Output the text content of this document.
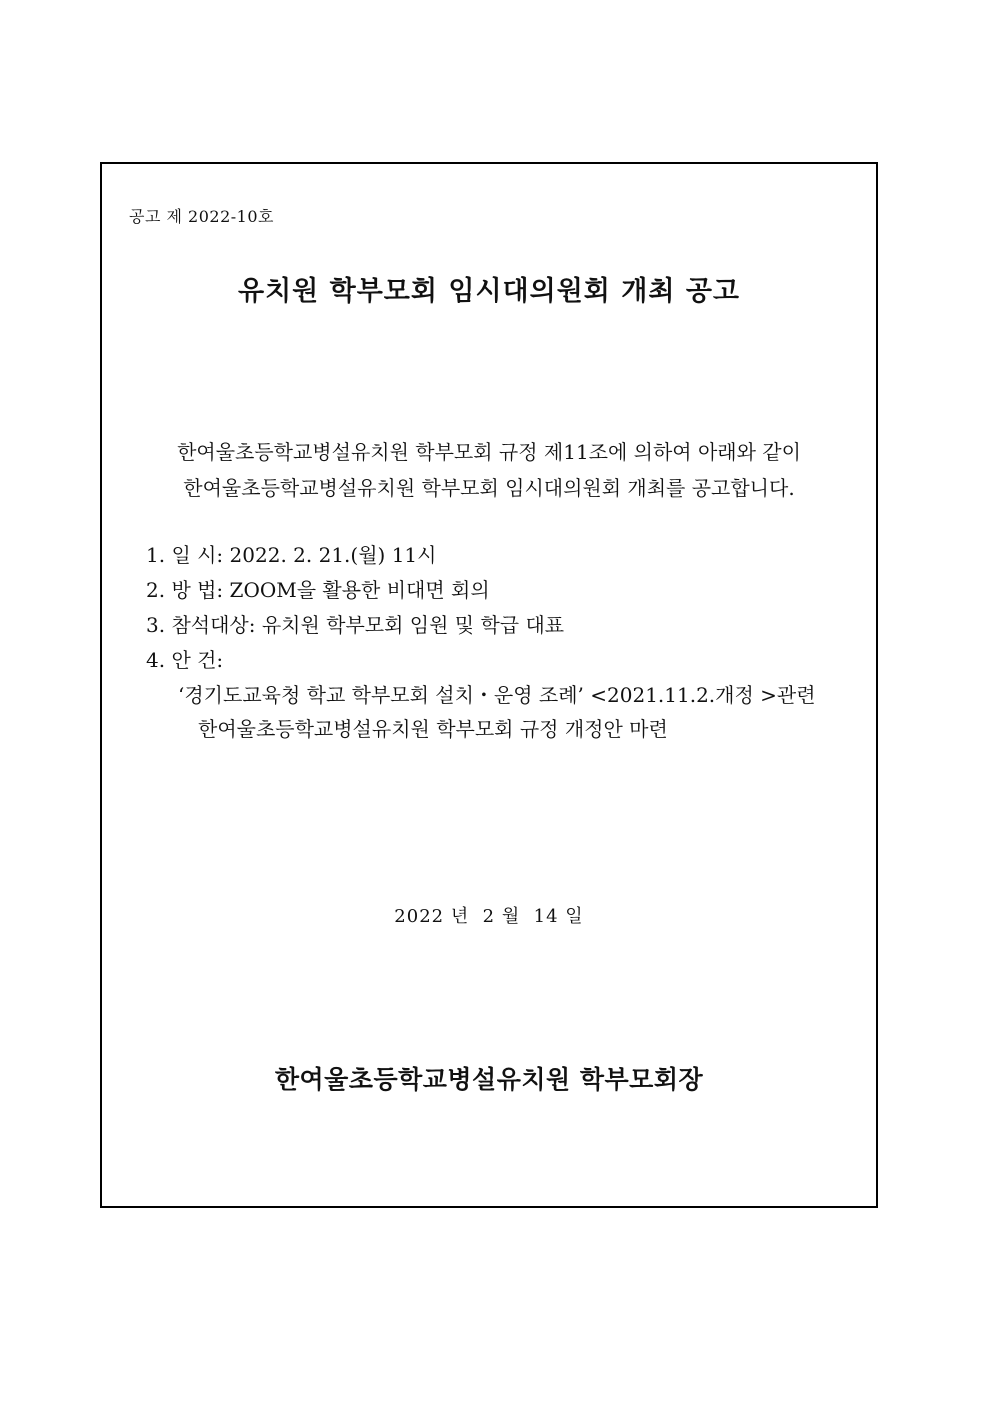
공고 제 2022-10호
유치원 학부모회 임시대의원회 개최 공고
한여울초등학교병설유치원 학부모회 규정 제11조에 의하여 아래와 같이
한여울초등학교병설유치원 학부모회 임시대의원회 개최를 공고합니다.
1. 일 시: 2022. 2. 21.(월) 11시
2. 방 법: ZOOM을 활용한 비대면 회의
3. 참석대상: 유치원 학부모회 임원 및 학급 대표
4. 안 건:
‘경기도교육청 학교 학부모회 설치・운영 조례’ <2021.11.2.개정 >관련
한여울초등학교병설유치원 학부모회 규정 개정안 마련
2022 년  2 월  14 일
한여울초등학교병설유치원 학부모회장
